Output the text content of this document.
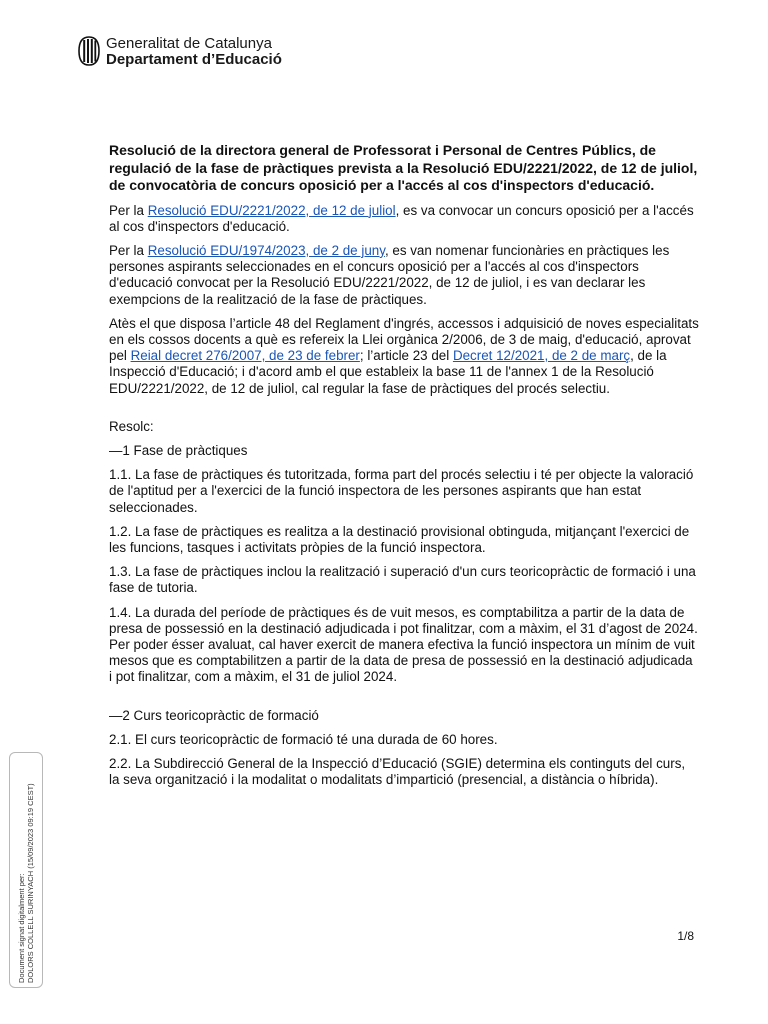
Generalitat de Catalunya
Departament d’Educació

Resolució de la directora general de Professorat i Personal de Centres Públics, de regulació de la fase de pràctiques prevista a la Resolució EDU/2221/2022, de 12 de juliol, de convocatòria de concurs oposició per a l'accés al cos d'inspectors d'educació.

Per la Resolució EDU/2221/2022, de 12 de juliol, es va convocar un concurs oposició per a l'accés al cos d'inspectors d'educació.

Per la Resolució EDU/1974/2023, de 2 de juny, es van nomenar funcionàries en pràctiques les persones aspirants seleccionades en el concurs oposició per a l'accés al cos d'inspectors d'educació convocat per la Resolució EDU/2221/2022, de 12 de juliol, i es van declarar les exempcions de la realització de la fase de pràctiques.

Atès el que disposa l’article 48 del Reglament d'ingrés, accessos i adquisició de noves especialitats en els cossos docents a què es refereix la Llei orgànica 2/2006, de 3 de maig, d'educació, aprovat pel Reial decret 276/2007, de 23 de febrer; l’article 23 del Decret 12/2021, de 2 de març, de la Inspecció d'Educació; i d'acord amb el que estableix la base 11 de l'annex 1 de la Resolució EDU/2221/2022, de 12 de juliol, cal regular la fase de pràctiques del procés selectiu.

Resolc:

—1 Fase de pràctiques

1.1. La fase de pràctiques és tutoritzada, forma part del procés selectiu i té per objecte la valoració de l'aptitud per a l'exercici de la funció inspectora de les persones aspirants que han estat seleccionades.

1.2. La fase de pràctiques es realitza a la destinació provisional obtinguda, mitjançant l'exercici de les funcions, tasques i activitats pròpies de la funció inspectora.

1.3. La fase de pràctiques inclou la realització i superació d'un curs teoricopràctic de formació i una fase de tutoria.

1.4. La durada del període de pràctiques és de vuit mesos, es comptabilitza a partir de la data de presa de possessió en la destinació adjudicada i pot finalitzar, com a màxim, el 31 d’agost de 2024. Per poder ésser avaluat, cal haver exercit de manera efectiva la funció inspectora un mínim de vuit mesos que es comptabilitzen a partir de la data de presa de possessió en la destinació adjudicada i pot finalitzar, com a màxim, el 31 de juliol 2024.

—2 Curs teoricopràctic de formació

2.1. El curs teoricopràctic de formació té una durada de 60 hores.

2.2. La Subdirecció General de la Inspecció d’Educació (SGIE) determina els continguts del curs, la seva organització i la modalitat o modalitats d’impartició (presencial, a distància o híbrida).

1/8
Document signat digitalment per: DOLORS COLLELL SURINYACH (15/09/2023 09:19 CEST)
